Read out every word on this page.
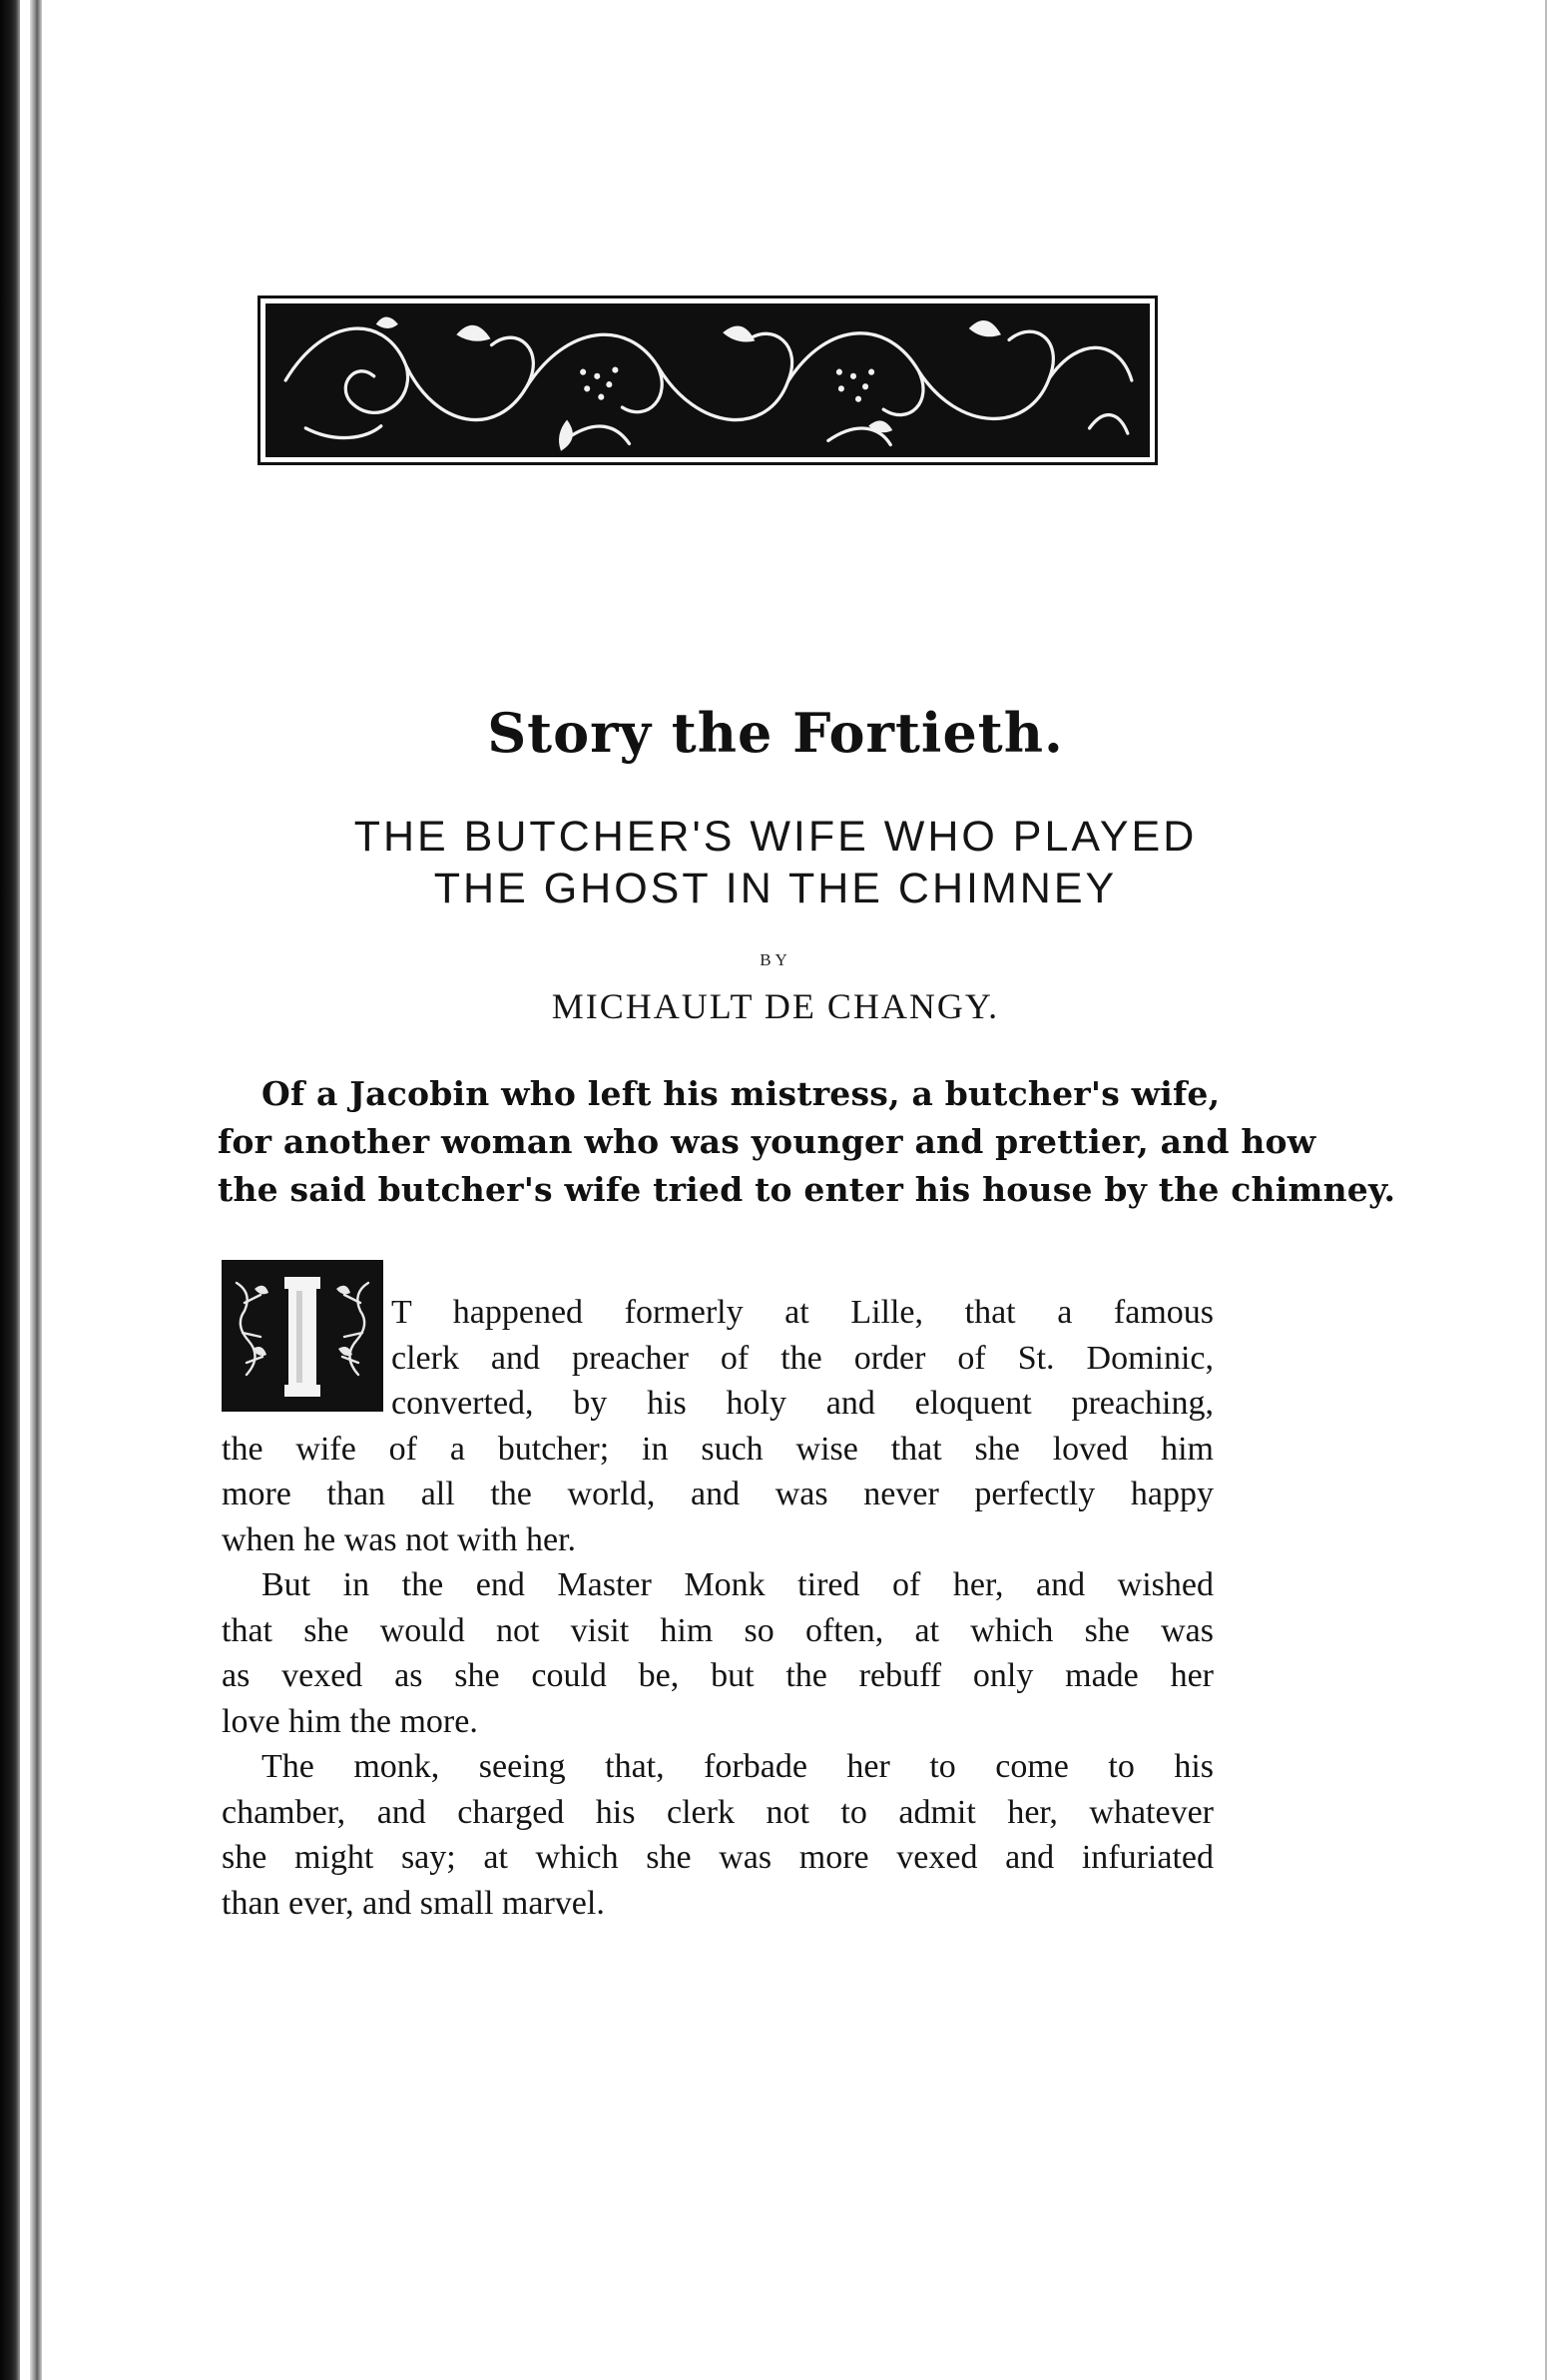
Story the Fortieth.
THE BUTCHER'S WIFE WHO PLAYED
THE GHOST IN THE CHIMNEY
BY
MICHAULT DE CHANGY.
Of a Jacobin who left his mistress, a butcher's wife,
for another woman who was younger and prettier, and how
the said butcher's wife tried to enter his house by the chimney.
T happened formerly at Lille, that a famous
clerk and preacher of the order of St. Dominic,
converted, by his holy and eloquent preaching,
the wife of a butcher; in such wise that she loved him
more than all the world, and was never perfectly happy
when he was not with her.
But in the end Master Monk tired of her, and wished
that she would not visit him so often, at which she was
as vexed as she could be, but the rebuff only made her
love him the more.
The monk, seeing that, forbade her to come to his
chamber, and charged his clerk not to admit her, whatever
she might say; at which she was more vexed and infuriated
than ever, and small marvel.
